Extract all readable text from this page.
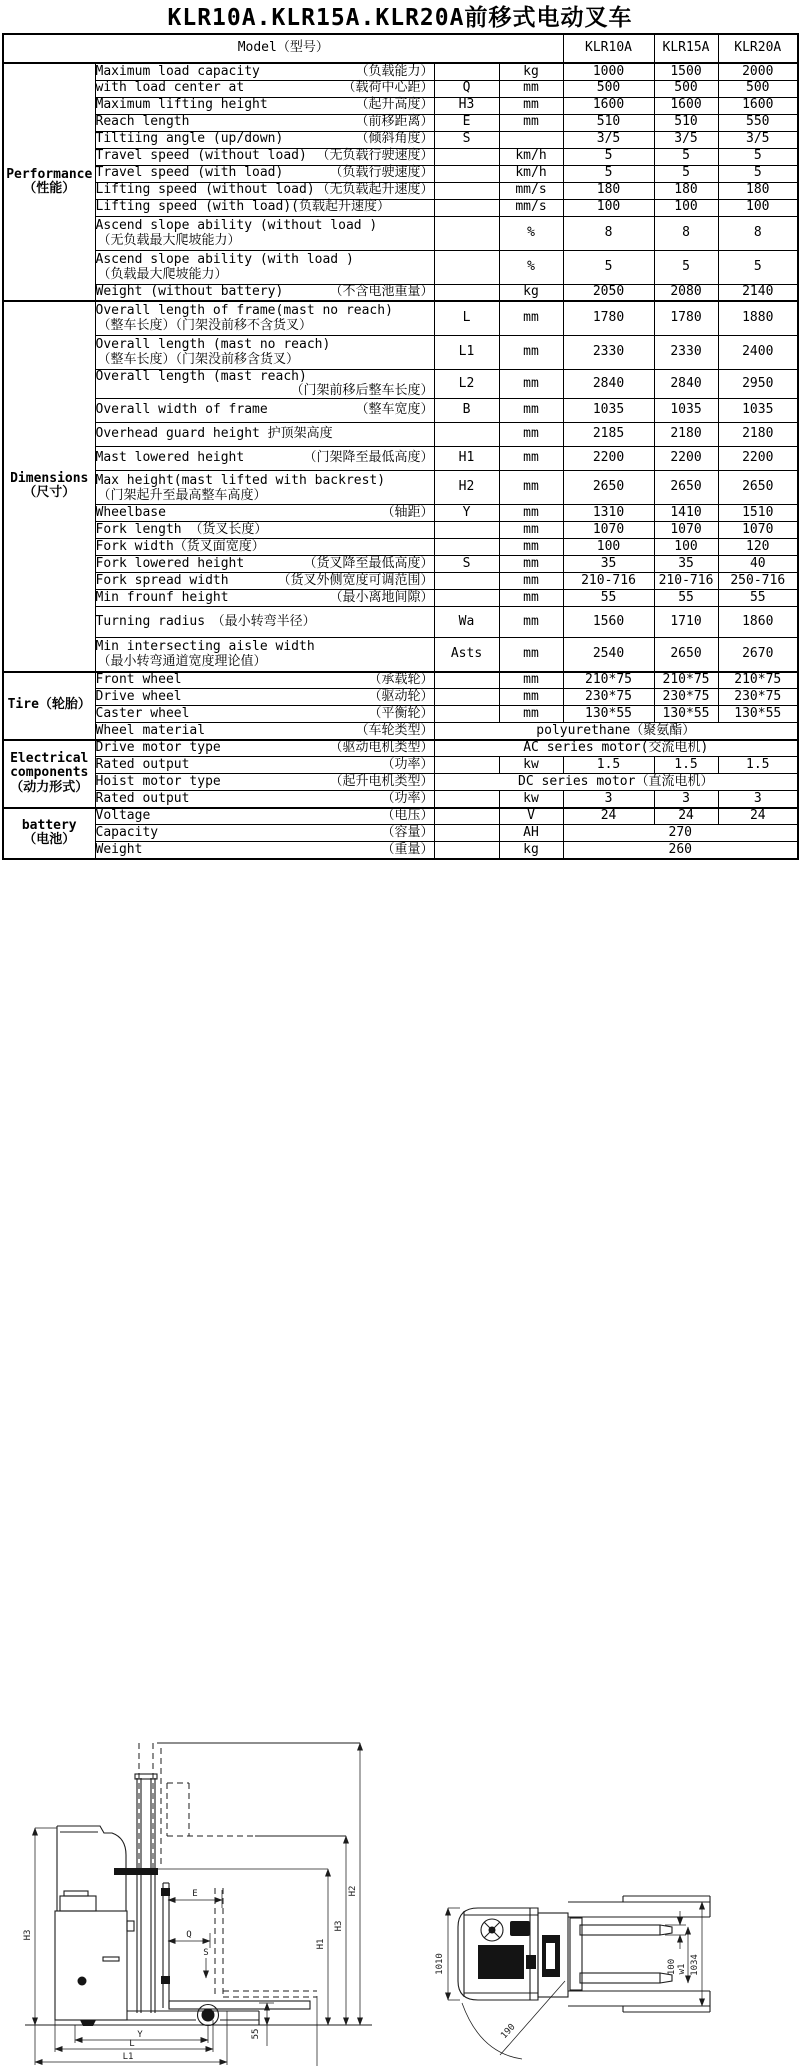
KLR10A.KLR15A.KLR20A前移式电动叉车
Model（型号）				KLR10A	KLR15A	KLR20A

Performance
（性能）

Maximum load capacity	（负载能力）		kg	1000	1500	2000

	with load center at （载荷中心距）	Q	mm	500	500	500

	Maximum lifting height （起升高度）	H3	mm	1600	1600	1600

	Reach length （前移距离）	E	mm	510	510	550

	Tiltiing angle (up/down) （倾斜角度）	S		3/5	3/5	3/5

	Travel speed (without load) （无负载行驶速度）		km/h	5	5	5

	Travel speed (with load) （负载行驶速度）		km/h	5	5	5

	Lifting speed (without load) （无负载起升速度）		mm/s	180	180	180

	Lifting speed (with load)(负载起升速度）		mm/s	100	100	100

	Ascend slope ability (without load )
（无负载最大爬坡能力）		%	8	8	8

	Ascend slope ability (with load )
（负载最大爬坡能力）		%	5	5	5

	Weight (without battery) （不含电池重量）		kg	2050	2080	2140

Dimensions
（尺寸）

Overall length of frame(mast no reach)
（整车长度）（门架没前移不含货叉）
	L	mm	1780	1780	1880

	Overall length (mast no reach)
（整车长度）（门架没前移含货叉）	L1	mm	2330	2330	2400

	Overall length (mast reach)
（门架前移后整车长度）	L2	mm	2840	2840	2950

	Overall width of frame （整车宽度）	B	mm	1035	1035	1035

	Overhead guard height 护顶架高度		mm	2185	2180	2180

	Mast lowered height （门架降至最低高度）	H1	mm	2200	2200	2200

	Max height(mast lifted with backrest)
（门架起升至最高整车高度）	H2	mm	2650	2650	2650

	Wheelbase （轴距）	Y	mm	1310	1410	1510

	Fork length （货叉长度）		mm	1070	1070	1070

	Fork width（货叉面宽度）		mm	100	100	120

	Fork lowered height （货叉降至最低高度）	S	mm	35	35	40

	Fork spread width （货叉外侧宽度可调范围）		mm	210-716	210-716	250-716

	Min frounf height （最小离地间隙）		mm	55	55	55

	Turning radius　（最小转弯半径）	Wa	mm	1560	1710	1860

	Min intersecting aisle width
（最小转弯通道宽度理论值）	Asts	mm	2540	2650	2670

Tire（轮胎）	Front wheel （承载轮）		mm	210*75	210*75	210*75

	Drive wheel （驱动轮）		mm	230*75	230*75	230*75

	Caster wheel （平衡轮）		mm	130*55	130*55	130*55

	Wheel material （车轮类型）	polyurethane（聚氨酯）				

Electrical
components
（动力形式）

Drive motor type	（驱动电机类型）	AC series motor(交流电机)

	Rated output （功率）		kw	1.5	1.5	1.5

	Hoist motor type （起升电机类型）	DC series motor（直流电机）				

	Rated output （功率）		kw	3	3	3

battery
（电池）

Voltage	（电压）		V	24	24	24

	Capacity （容量）		AH	270		

	Weight （重量）		kg	260		
H3
E
Q
S
H2
H3
H1
55
Y
L
L1
1010	100 w1 1034
190
